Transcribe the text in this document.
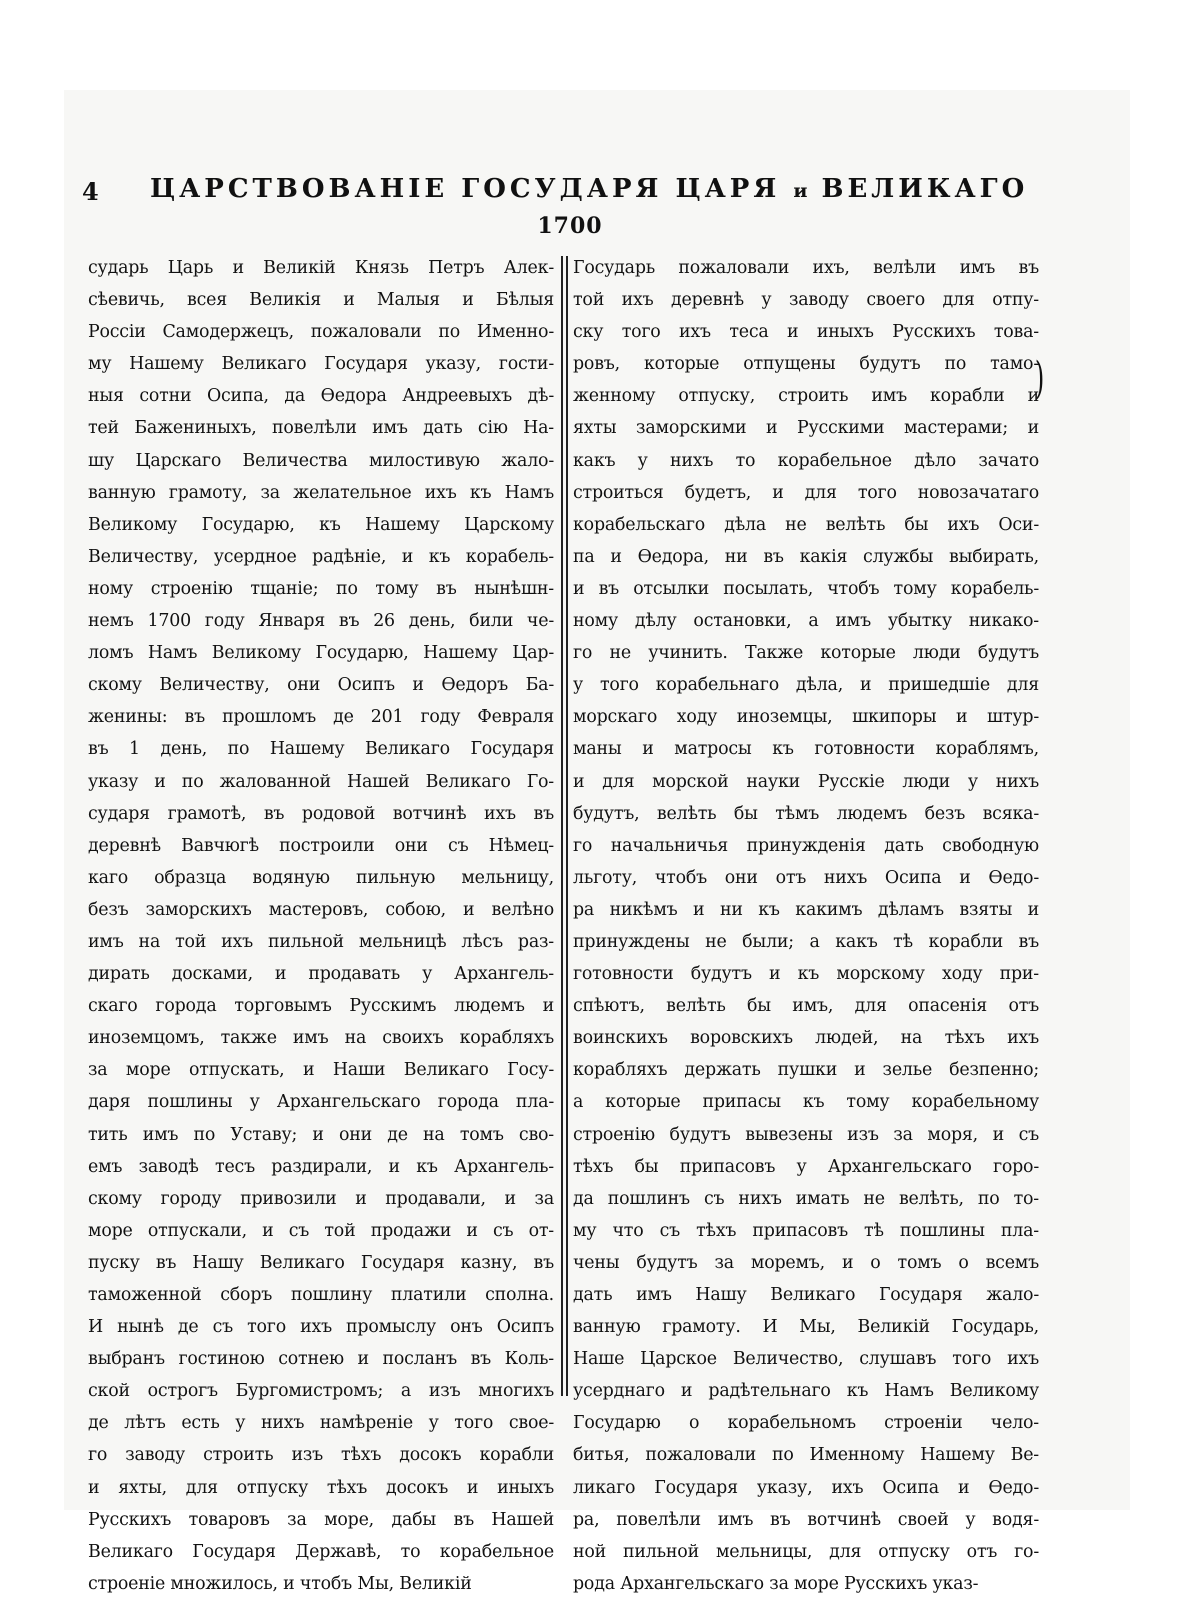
4 ЦАРСТВОВАНIЕ ГОСУДАРЯ ЦАРЯ и ВЕЛИКАГО
1700
сударь Царь и Великiй Князь Петръ Алек-
сѣевичь, всея Великiя и Малыя и Бѣлыя
Россiи Самодержецъ, пожаловали по Именно-
му Нашему Великаго Государя указу, гости-
ныя сотни Осипа, да Ѳедора Андреевыхъ дѣ-
тей Бажениныхъ, повелѣли имъ дать сiю На-
шу Царскаго Величества милостивую жало-
ванную грамоту, за желательное ихъ къ Намъ
Великому Государю, къ Нашему Царскому
Величеству, усердное радѣнiе, и къ корабель-
ному строенiю тщанiе; по тому въ нынѣшн-
немъ 1700 году Января въ 26 день, били че-
ломъ Намъ Великому Государю, Нашему Цар-
скому Величеству, они Осипъ и Ѳедоръ Ба-
женины: въ прошломъ де 201 году Февраля
въ 1 день, по Нашему Великаго Государя
указу и по жалованной Нашей Великаго Го-
сударя грамотѣ, въ родовой вотчинѣ ихъ въ
деревнѣ Вавчюгѣ построили они съ Нѣмец-
каго образца водяную пильную мельницу,
безъ заморскихъ мастеровъ, собою, и велѣно
имъ на той ихъ пильной мельницѣ лѣсъ раз-
дирать досками, и продавать у Архангель-
скаго города торговымъ Русскимъ людемъ и
иноземцомъ, также имъ на своихъ корабляхъ
за море отпускать, и Наши Великаго Госу-
даря пошлины у Архангельскаго города пла-
тить имъ по Уставу; и они де на томъ сво-
емъ заводѣ тесъ раздирали, и къ Архангель-
скому городу привозили и продавали, и за
море отпускали, и съ той продажи и съ от-
пуску въ Нашу Великаго Государя казну, въ
таможенной сборъ пошлину платили сполна.
И нынѣ де съ того ихъ промыслу онъ Осипъ
выбранъ гостиною сотнею и посланъ въ Коль-
ской острогъ Бургомистромъ; а изъ многихъ
де лѣтъ есть у нихъ намѣренiе у того свое-
го заводу строить изъ тѣхъ досокъ корабли
и яхты, для отпуску тѣхъ досокъ и иныхъ
Русскихъ товаровъ за море, дабы въ Нашей
Великаго Государя Державѣ, то корабельное
строенiе множилось, и чтобъ Мы, Великiй
Государь пожаловали ихъ, велѣли имъ въ
той ихъ деревнѣ у заводу своего для отпу-
ску того ихъ теса и иныхъ Русскихъ това-
ровъ, которые отпущены будутъ по тамо-
женному отпуску, строить имъ корабли и
яхты заморскими и Русскими мастерами; и
какъ у нихъ то корабельное дѣло зачато
строиться будетъ, и для того новозачатаго
корабельскаго дѣла не велѣть бы ихъ Оси-
па и Ѳедора, ни въ какiя службы выбирать,
и въ отсылки посылать, чтобъ тому корабель-
ному дѣлу остановки, а имъ убытку никако-
го не учинить. Также которые люди будутъ
у того корабельнаго дѣла, и пришедшiе для
морскаго ходу иноземцы, шкипоры и штур-
маны и матросы къ готовности кораблямъ,
и для морской науки Русскiе люди у нихъ
будутъ, велѣть бы тѣмъ людемъ безъ всяка-
го начальничья принужденiя дать свободную
льготу, чтобъ они отъ нихъ Осипа и Ѳедо-
ра никѣмъ и ни къ какимъ дѣламъ взяты и
принуждены не были; а какъ тѣ корабли въ
готовности будутъ и къ морскому ходу при-
спѣютъ, велѣть бы имъ, для опасенiя отъ
воинскихъ воровскихъ людей, на тѣхъ ихъ
корабляхъ держать пушки и зелье безпенно;
а которые припасы къ тому корабельному
строенiю будутъ вывезены изъ за моря, и съ
тѣхъ бы припасовъ у Архангельскаго горо-
да пошлинъ съ нихъ имать не велѣть, по то-
му что съ тѣхъ припасовъ тѣ пошлины пла-
чены будутъ за моремъ, и о томъ о всемъ
дать имъ Нашу Великаго Государя жало-
ванную грамоту. И Мы, Великiй Государь,
Наше Царское Величество, слушавъ того ихъ
усерднаго и радѣтельнаго къ Намъ Великому
Государю о корабельномъ строенiи чело-
битья, пожаловали по Именному Нашему Ве-
ликаго Государя указу, ихъ Осипа и Ѳедо-
ра, повелѣли имъ въ вотчинѣ своей у водя-
ной пильной мельницы, для отпуску отъ го-
рода Архангельскаго за море Русскихъ указ-
)
